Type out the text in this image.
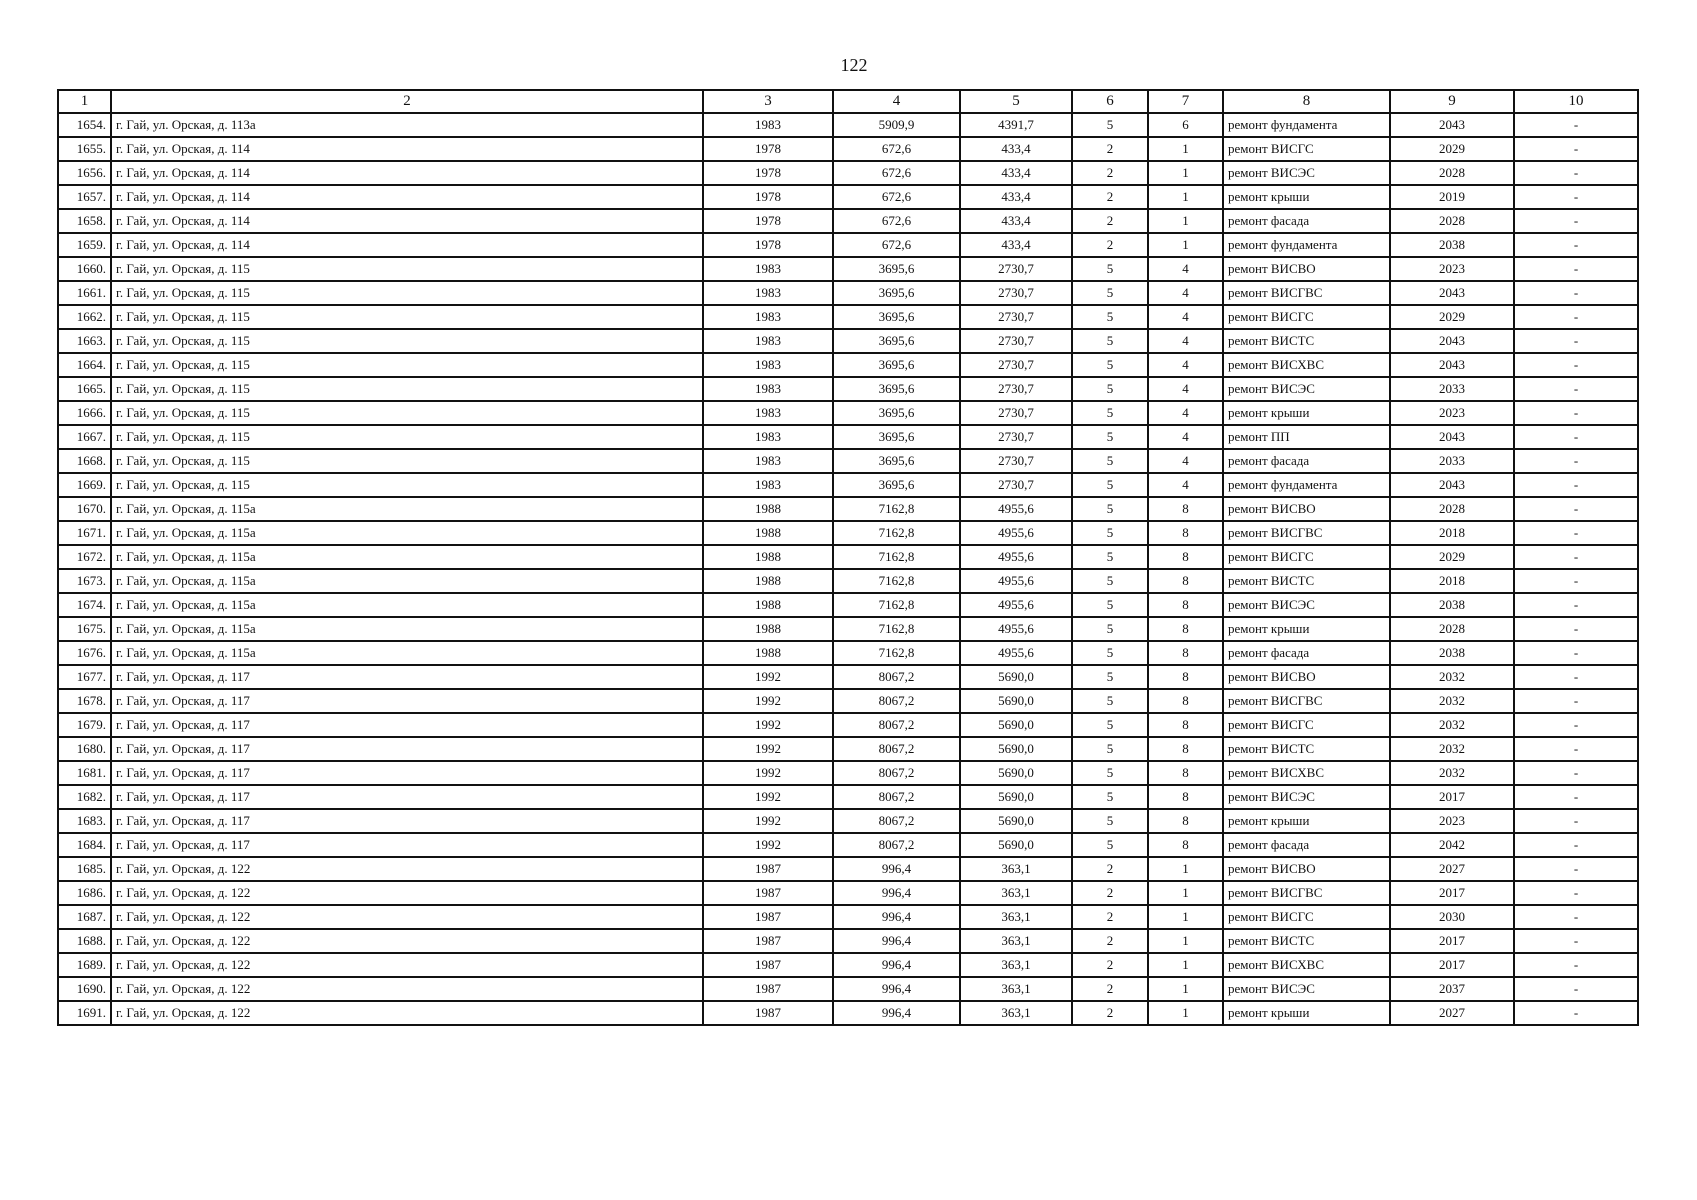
122
1	2	3	4	5	6	7	8	9	10
1654.	г. Гай, ул. Орская, д. 113а	1983	5909,9	4391,7	5	6	ремонт фундамента	2043	-
1655.	г. Гай, ул. Орская, д. 114	1978	672,6	433,4	2	1	ремонт ВИСГС	2029	-
1656.	г. Гай, ул. Орская, д. 114	1978	672,6	433,4	2	1	ремонт ВИСЭС	2028	-
1657.	г. Гай, ул. Орская, д. 114	1978	672,6	433,4	2	1	ремонт крыши	2019	-
1658.	г. Гай, ул. Орская, д. 114	1978	672,6	433,4	2	1	ремонт фасада	2028	-
1659.	г. Гай, ул. Орская, д. 114	1978	672,6	433,4	2	1	ремонт фундамента	2038	-
1660.	г. Гай, ул. Орская, д. 115	1983	3695,6	2730,7	5	4	ремонт ВИСВО	2023	-
1661.	г. Гай, ул. Орская, д. 115	1983	3695,6	2730,7	5	4	ремонт ВИСГВС	2043	-
1662.	г. Гай, ул. Орская, д. 115	1983	3695,6	2730,7	5	4	ремонт ВИСГС	2029	-
1663.	г. Гай, ул. Орская, д. 115	1983	3695,6	2730,7	5	4	ремонт ВИСТС	2043	-
1664.	г. Гай, ул. Орская, д. 115	1983	3695,6	2730,7	5	4	ремонт ВИСХВС	2043	-
1665.	г. Гай, ул. Орская, д. 115	1983	3695,6	2730,7	5	4	ремонт ВИСЭС	2033	-
1666.	г. Гай, ул. Орская, д. 115	1983	3695,6	2730,7	5	4	ремонт крыши	2023	-
1667.	г. Гай, ул. Орская, д. 115	1983	3695,6	2730,7	5	4	ремонт ПП	2043	-
1668.	г. Гай, ул. Орская, д. 115	1983	3695,6	2730,7	5	4	ремонт фасада	2033	-
1669.	г. Гай, ул. Орская, д. 115	1983	3695,6	2730,7	5	4	ремонт фундамента	2043	-
1670.	г. Гай, ул. Орская, д. 115а	1988	7162,8	4955,6	5	8	ремонт ВИСВО	2028	-
1671.	г. Гай, ул. Орская, д. 115а	1988	7162,8	4955,6	5	8	ремонт ВИСГВС	2018	-
1672.	г. Гай, ул. Орская, д. 115а	1988	7162,8	4955,6	5	8	ремонт ВИСГС	2029	-
1673.	г. Гай, ул. Орская, д. 115а	1988	7162,8	4955,6	5	8	ремонт ВИСТС	2018	-
1674.	г. Гай, ул. Орская, д. 115а	1988	7162,8	4955,6	5	8	ремонт ВИСЭС	2038	-
1675.	г. Гай, ул. Орская, д. 115а	1988	7162,8	4955,6	5	8	ремонт крыши	2028	-
1676.	г. Гай, ул. Орская, д. 115а	1988	7162,8	4955,6	5	8	ремонт фасада	2038	-
1677.	г. Гай, ул. Орская, д. 117	1992	8067,2	5690,0	5	8	ремонт ВИСВО	2032	-
1678.	г. Гай, ул. Орская, д. 117	1992	8067,2	5690,0	5	8	ремонт ВИСГВС	2032	-
1679.	г. Гай, ул. Орская, д. 117	1992	8067,2	5690,0	5	8	ремонт ВИСГС	2032	-
1680.	г. Гай, ул. Орская, д. 117	1992	8067,2	5690,0	5	8	ремонт ВИСТС	2032	-
1681.	г. Гай, ул. Орская, д. 117	1992	8067,2	5690,0	5	8	ремонт ВИСХВС	2032	-
1682.	г. Гай, ул. Орская, д. 117	1992	8067,2	5690,0	5	8	ремонт ВИСЭС	2017	-
1683.	г. Гай, ул. Орская, д. 117	1992	8067,2	5690,0	5	8	ремонт крыши	2023	-
1684.	г. Гай, ул. Орская, д. 117	1992	8067,2	5690,0	5	8	ремонт фасада	2042	-
1685.	г. Гай, ул. Орская, д. 122	1987	996,4	363,1	2	1	ремонт ВИСВО	2027	-
1686.	г. Гай, ул. Орская, д. 122	1987	996,4	363,1	2	1	ремонт ВИСГВС	2017	-
1687.	г. Гай, ул. Орская, д. 122	1987	996,4	363,1	2	1	ремонт ВИСГС	2030	-
1688.	г. Гай, ул. Орская, д. 122	1987	996,4	363,1	2	1	ремонт ВИСТС	2017	-
1689.	г. Гай, ул. Орская, д. 122	1987	996,4	363,1	2	1	ремонт ВИСХВС	2017	-
1690.	г. Гай, ул. Орская, д. 122	1987	996,4	363,1	2	1	ремонт ВИСЭС	2037	-
1691.	г. Гай, ул. Орская, д. 122	1987	996,4	363,1	2	1	ремонт крыши	2027	-
